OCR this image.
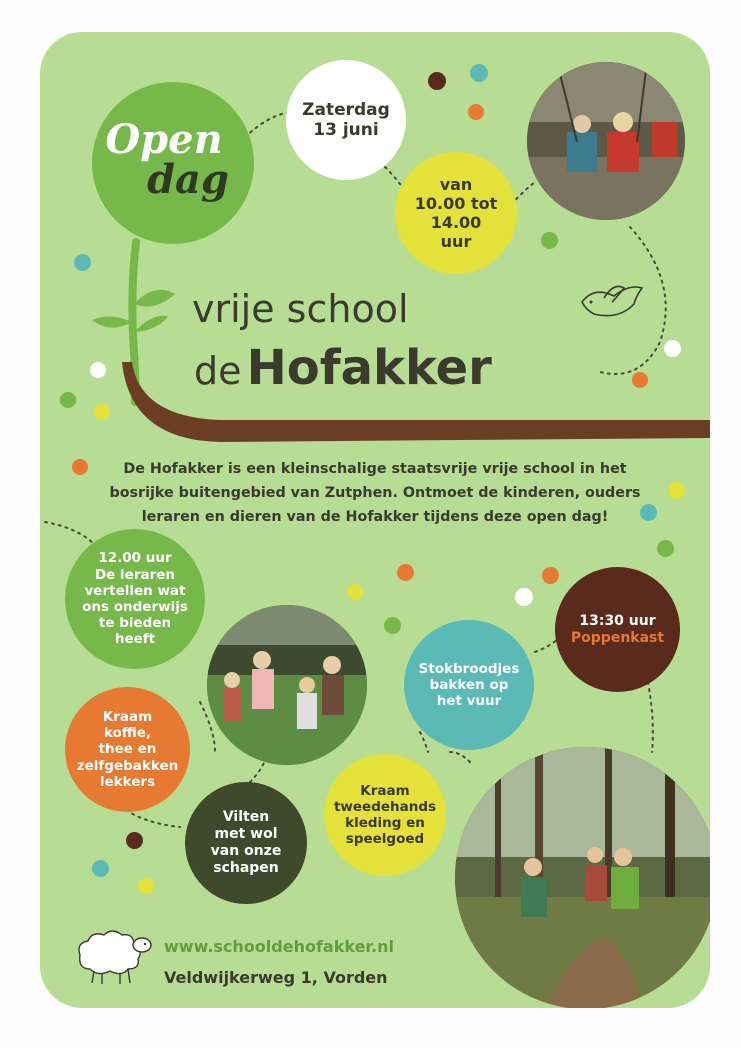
Open
dag
vrije school
de Hofakker
Zaterdag
13 juni
van
10.00 tot
14.00
uur
De Hofakker is een kleinschalige staatsvrije vrije school in het
bosrijke buitengebied van Zutphen. Ontmoet de kinderen, ouders
leraren en dieren van de Hofakker tijdens deze open dag!
12.00 uur
De leraren
vertellen wat
ons onderwijs
te bieden
heeft
Kraam
koffie,
thee en
zelfgebakken
lekkers
Vilten
met wol
van onze
schapen
Kraam
tweedehands
kleding en
speelgoed
Stokbroodjes
bakken op
het vuur
13:30 uur
Poppenkast
www.schooldehofakker.nl
Veldwijkerweg 1, Vorden
